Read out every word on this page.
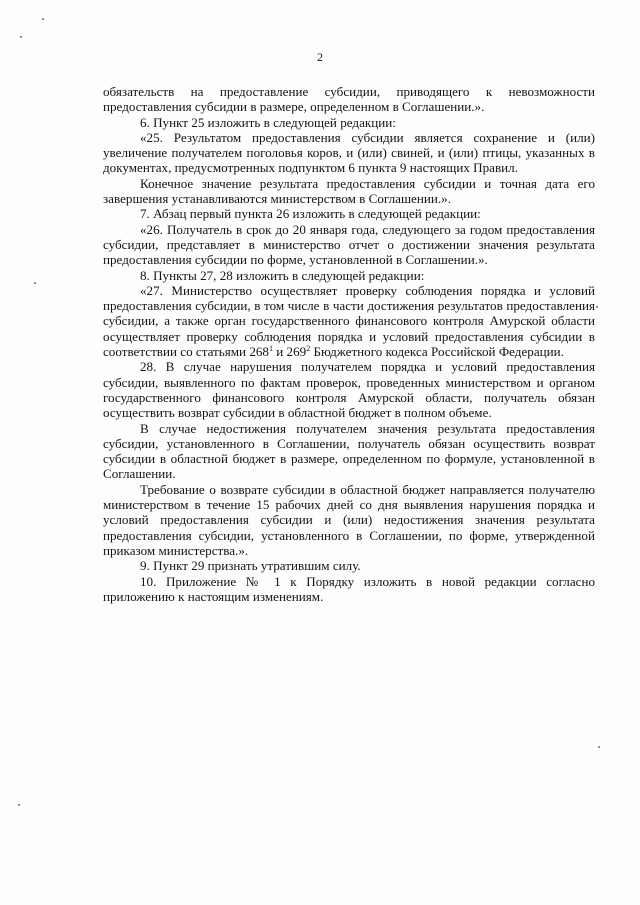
2

обязательств на предоставление субсидии, приводящего к невозможности предоставления субсидии в размере, определенном в Соглашении.».

6. Пункт 25 изложить в следующей редакции:

«25. Результатом предоставления субсидии является сохранение и (или) увеличение получателем поголовья коров, и (или) свиней, и (или) птицы, указанных в документах, предусмотренных подпунктом 6 пункта 9 настоящих Правил.

Конечное значение результата предоставления субсидии и точная дата его завершения устанавливаются министерством в Соглашении.».

7. Абзац первый пункта 26 изложить в следующей редакции:

«26. Получатель в срок до 20 января года, следующего за годом предоставления субсидии, представляет в министерство отчет о достижении значения результата предоставления субсидии по форме, установленной в Соглашении.».

8. Пункты 27, 28 изложить в следующей редакции:

«27. Министерство осуществляет проверку соблюдения порядка и условий предоставления субсидии, в том числе в части достижения результатов предоставления субсидии, а также орган государственного финансового контроля Амурской области осуществляет проверку соблюдения порядка и условий предоставления субсидии в соответствии со статьями $268^1$ и $269^2$ Бюджетного кодекса Российской Федерации.

28. В случае нарушения получателем порядка и условий предоставления субсидии, выявленного по фактам проверок, проведенных министерством и органом государственного финансового контроля Амурской области, получатель обязан осуществить возврат субсидии в областной бюджет в полном объеме.

В случае недостижения получателем значения результата предоставления субсидии, установленного в Соглашении, получатель обязан осуществить возврат субсидии в областной бюджет в размере, определенном по формуле, установленной в Соглашении.

Требование о возврате субсидии в областной бюджет направляется получателю министерством в течение 15 рабочих дней со дня выявления нарушения порядка и условий предоставления субсидии и (или) недостижения значения результата предоставления субсидии, установленного в Соглашении, по форме, утвержденной приказом министерства.».

9. Пункт 29 признать утратившим силу.

10. Приложение № 1 к Порядку изложить в новой редакции согласно приложению к настоящим изменениям.
